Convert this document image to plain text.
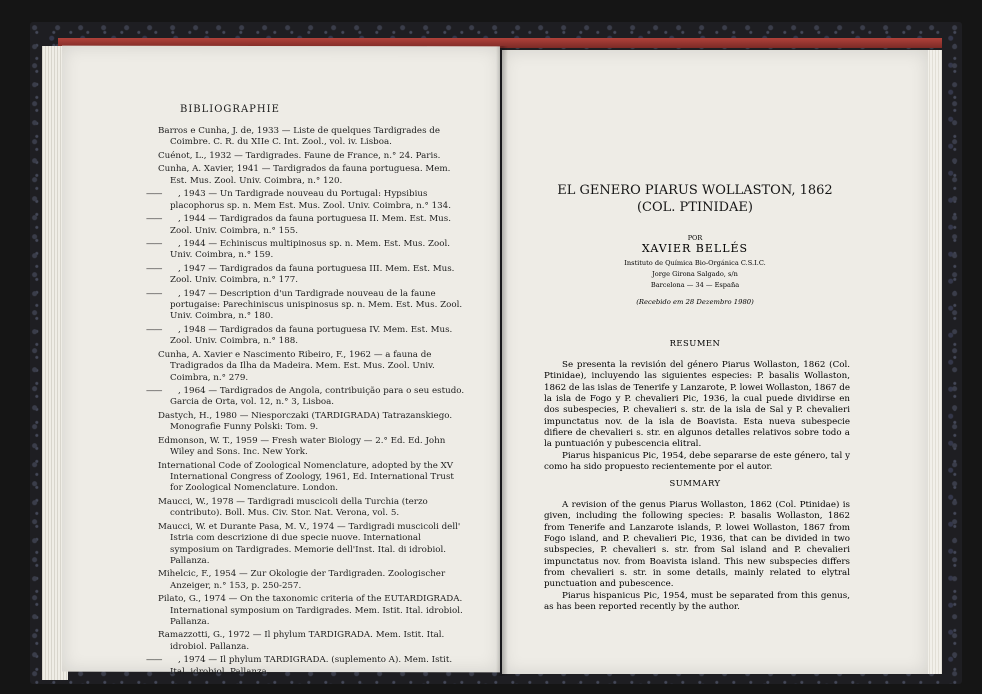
BIBLIOGRAPHIE
Barros e Cunha, J. de, 1933 — Liste de quelques Tardigrades de Coimbre. C. R. du XIIe C. Int. Zool., vol. iv. Lisboa.
Cuénot, L., 1932 — Tardigrades. Faune de France, n.° 24. Paris.
Cunha, A. Xavier, 1941 — Tardigrados da fauna portuguesa. Mem. Est. Mus. Zool. Univ. Coimbra, n.° 120.
—— , 1943 — Un Tardigrade nouveau du Portugal: Hypsibius placophorus sp. n. Mem Est. Mus. Zool. Univ. Coimbra, n.° 134.
—— , 1944 — Tardigrados da fauna portuguesa II. Mem. Est. Mus. Zool. Univ. Coimbra, n.° 155.
—— , 1944 — Echiniscus multipinosus sp. n. Mem. Est. Mus. Zool. Univ. Coimbra, n.° 159.
—— , 1947 — Tardigrados da fauna portuguesa III. Mem. Est. Mus. Zool. Univ. Coimbra, n.° 177.
—— , 1947 — Description d'un Tardigrade nouveau de la faune portugaise: Parechiniscus unispinosus sp. n. Mem. Est. Mus. Zool. Univ. Coimbra, n.° 180.
—— , 1948 — Tardigrados da fauna portuguesa IV. Mem. Est. Mus. Zool. Univ. Coimbra, n.° 188.
Cunha, A. Xavier e Nascimento Ribeiro, F., 1962 — a fauna de Tradigrados da Ilha da Madeira. Mem. Est. Mus. Zool. Univ. Coimbra, n.° 279.
—— , 1964 — Tardigrados de Angola, contribuição para o seu estudo. Garcia de Orta, vol. 12, n.° 3, Lisboa.
Dastych, H., 1980 — Niesporczaki (TARDIGRADA) Tatrazanskiego. Monografie Funny Polski: Tom. 9.
Edmonson, W. T., 1959 — Fresh water Biology — 2.° Ed. Ed. John Wiley and Sons. Inc. New York.
International Code of Zoological Nomenclature, adopted by the XV International Congress of Zoology, 1961, Ed. International Trust for Zoological Nomenclature. London.
Maucci, W., 1978 — Tardigradi muscicoli della Turchia (terzo contributo). Boll. Mus. Civ. Stor. Nat. Verona, vol. 5.
Maucci, W. et Durante Pasa, M. V., 1974 — Tardigradi muscicoli dell' Istria com descrizione di due specie nuove. International symposium on Tardigrades. Memorie dell'Inst. Ital. di idrobiol. Pallanza.
Mihelcic, F., 1954 — Zur Okologie der Tardigraden. Zoologischer Anzeiger, n.° 153, p. 250-257.
Pilato, G., 1974 — On the taxonomic criteria of the EUTARDIGRADA. International symposium on Tardigrades. Mem. Istit. Ital. idrobiol. Pallanza.
Ramazzotti, G., 1972 — Il phylum TARDIGRADA. Mem. Istit. Ital. idrobiol. Pallanza.
—— , 1974 — Il phylum TARDIGRADA. (suplemento A). Mem. Istit. Ital. idrobiol. Pallanza.
EL GENERO PIARUS WOLLASTON, 1862
(COL. PTINIDAE)
POR
XAVIER BELLÉS
Instituto de Química Bio-Orgánica C.S.I.C.
Jorge Girona Salgado, s/n
Barcelona — 34 — España
(Recebido em 28 Dezembro 1980)
RESUMEN

Se presenta la revisión del género Piarus Wollaston, 1862 (Col. Ptinidae), incluyendo las siguientes especies: P. basalis Wollaston, 1862 de las islas de Tenerife y Lanzarote, P. lowei Wollaston, 1867 de la isla de Fogo y P. chevalieri Pic, 1936, la cual puede dividirse en dos subespecies, P. chevalieri s. str. de la isla de Sal y P. chevalieri impunctatus nov. de la isla de Boavista. Esta nueva subespecie difiere de chevalieri s. str. en algunos detalles relativos sobre todo a la puntuación y pubescencia elitral.

Piarus hispanicus Pic, 1954, debe separarse de este género, tal y como ha sido propuesto recientemente por el autor.

SUMMARY

A revision of the genus Piarus Wollaston, 1862 (Col. Ptinidae) is given, including the following species: P. basalis Wollaston, 1862 from Tenerife and Lanzarote islands, P. lowei Wollaston, 1867 from Fogo island, and P. chevalieri Pic, 1936, that can be divided in two subspecies, P. chevalieri s. str. from Sal island and P. chevalieri impunctatus nov. from Boavista island. This new subspecies differs from chevalieri s. str. in some details, mainly related to elytral punctuation and pubescence.

Piarus hispanicus Pic, 1954, must be separated from this genus, as has been reported recently by the author.
